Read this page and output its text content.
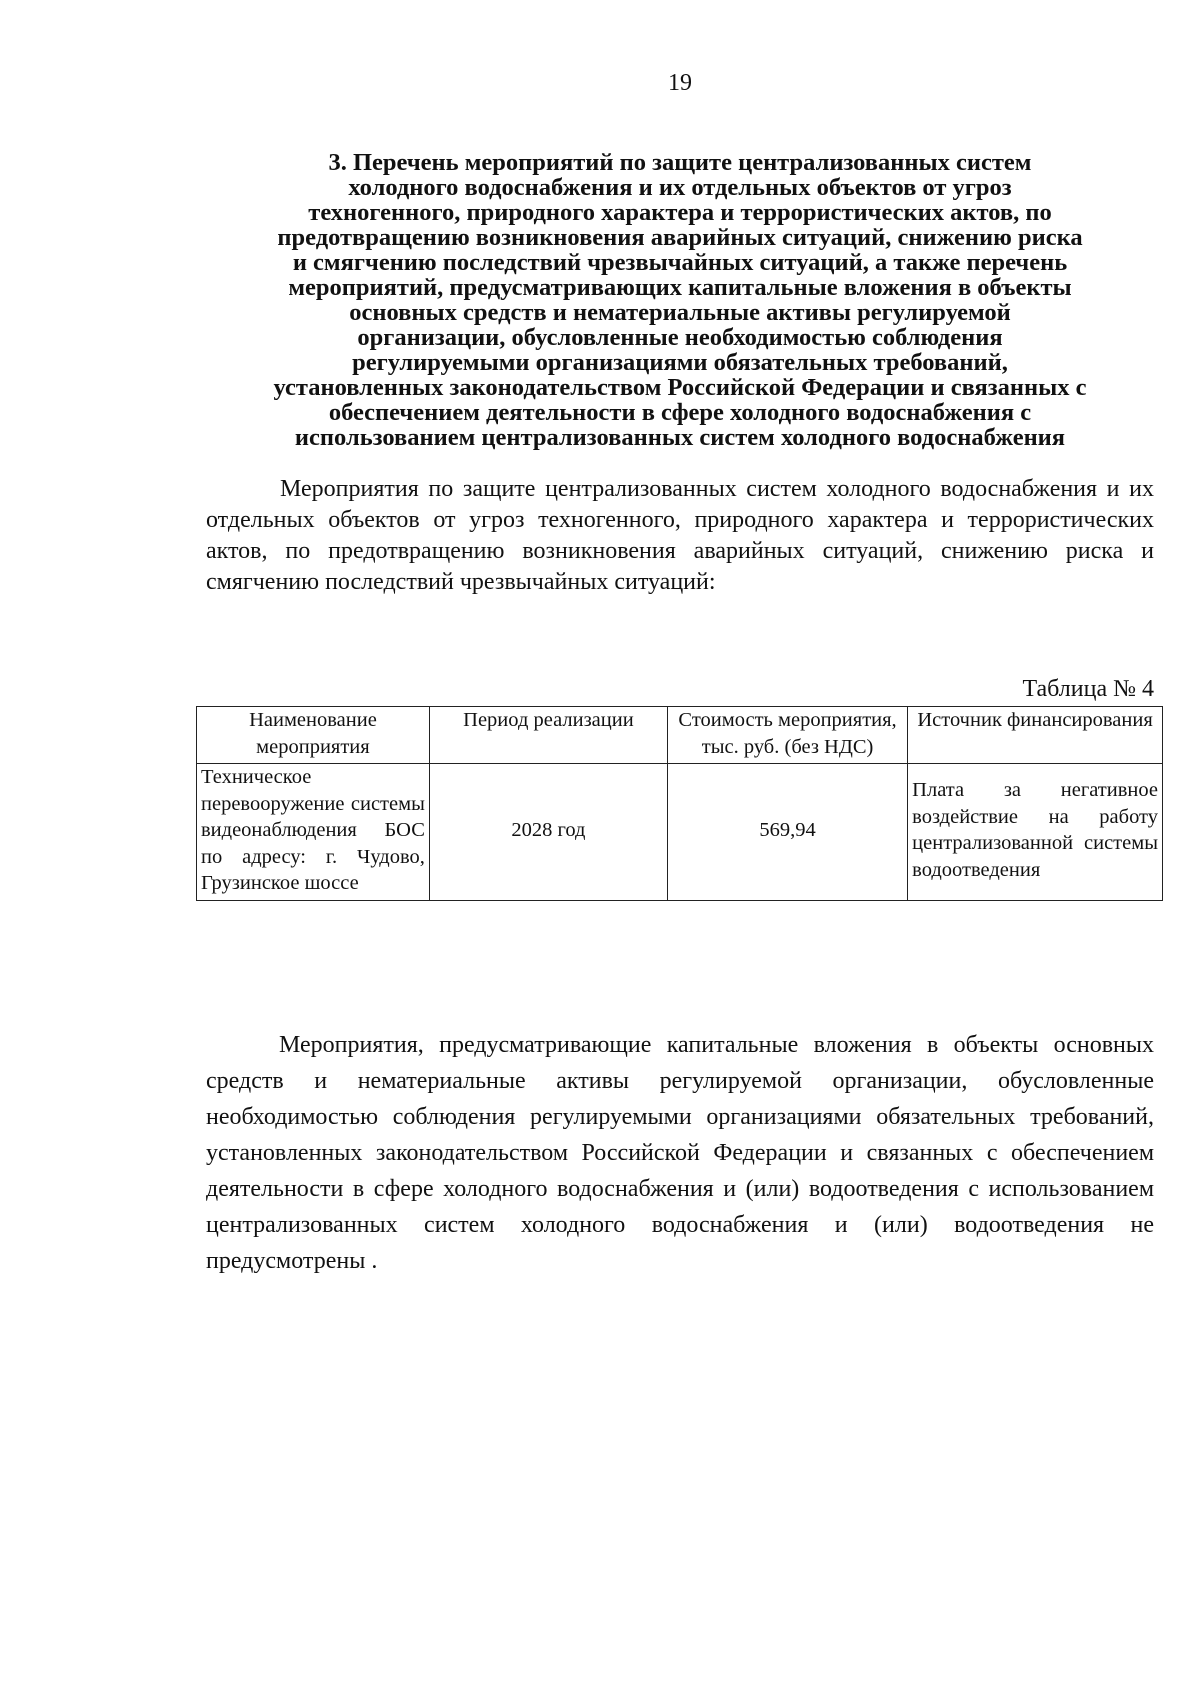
19
3. Перечень мероприятий по защите централизованных систем
холодного водоснабжения и их отдельных объектов от угроз
техногенного, природного характера и террористических актов, по
предотвращению возникновения аварийных ситуаций, снижению риска
и смягчению последствий чрезвычайных ситуаций, а также перечень
мероприятий, предусматривающих капитальные вложения в объекты
основных средств и нематериальные активы регулируемой
организации, обусловленные необходимостью соблюдения
регулируемыми организациями обязательных требований,
установленных законодательством Российской Федерации и связанных с
обеспечением деятельности в сфере холодного водоснабжения с
использованием централизованных систем холодного водоснабжения

Мероприятия по защите централизованных систем холодного водоснабжения и их отдельных объектов от угроз техногенного, природного характера и террористических актов, по предотвращению возникновения аварийных ситуаций, снижению риска и смягчению последствий чрезвычайных ситуаций:

Таблица № 4
Наименование мероприятия	Период реализации	Стоимость мероприятия, тыс. руб. (без НДС)	Источник финансирования
Техническое перевооружение системы видеонаблюдения БОС по адресу: г. Чудово, Грузинское шоссе	2028 год	569,94	Плата за негативное воздействие на работу централизованной системы водоотведения

Мероприятия, предусматривающие капитальные вложения в объекты основных средств и нематериальные активы регулируемой организации, обусловленные необходимостью соблюдения регулируемыми организациями обязательных требований, установленных законодательством Российской Федерации и связанных с обеспечением деятельности в сфере холодного водоснабжения и (или) водоотведения с использованием централизованных систем холодного водоснабжения и (или) водоотведения не предусмотрены .
